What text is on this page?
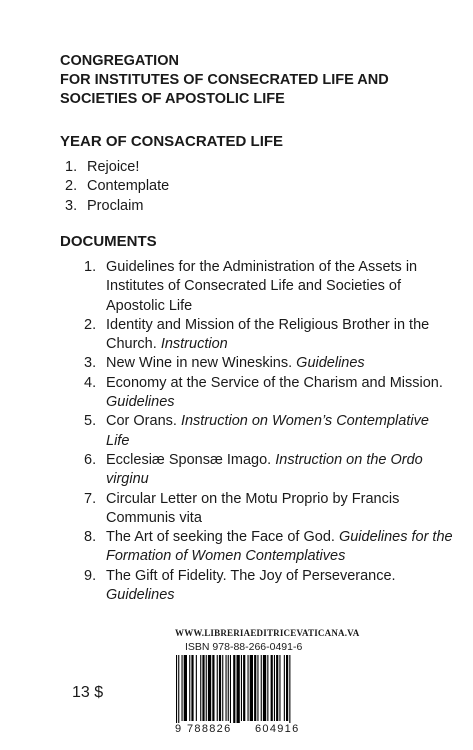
CONGREGATION
FOR INSTITUTES OF CONSECRATED LIFE AND
SOCIETIES OF APOSTOLIC LIFE
YEAR OF CONSACRATED LIFE
1. Rejoice!
2. Contemplate
3. Proclaim
DOCUMENTS
1. Guidelines for the Administration of the Assets in Institutes of Consecrated Life and Societies of Apostolic Life
2. Identity and Mission of the Religious Brother in the Church. Instruction
3. New Wine in new Wineskins. Guidelines
4. Economy at the Service of the Charism and Mission. Guidelines
5. Cor Orans. Instruction on Women’s Contemplative Life
6. Ecclesiæ Sponsæ Imago. Instruction on the Ordo virginu
7. Circular Letter on the Motu Proprio by Francis Communis vita
8. The Art of seeking the Face of God. Guidelines for the Formation of Women Contemplatives
9. The Gift of Fidelity. The Joy of Perseverance. Guidelines
WWW.LIBRERIAEDITRICEVATICANA.VA
ISBN 978-88-266-0491-6
9 788826	604916
13 $
